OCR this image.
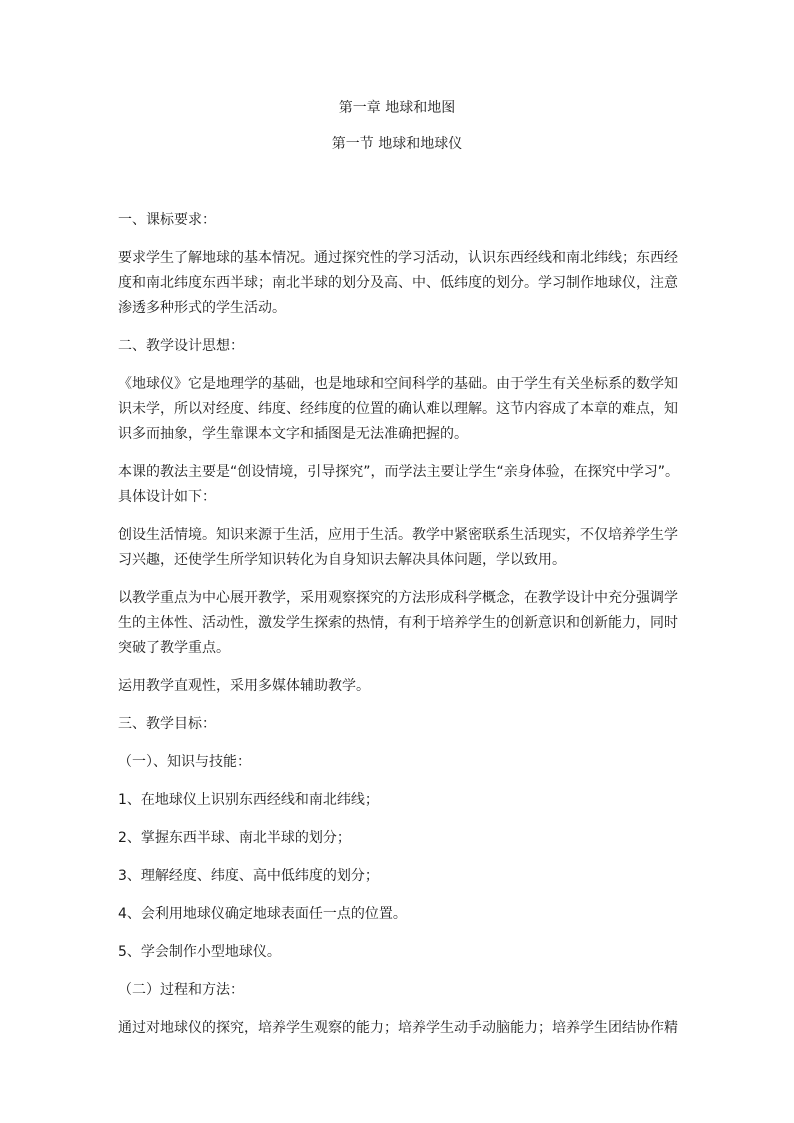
第一章 地球和地图
第一节 地球和地球仪

一、课标要求：

要求学生了解地球的基本情况。通过探究性的学习活动，认识东西经线和南北纬线；东西经度和南北纬度东西半球；南北半球的划分及高、中、低纬度的划分。学习制作地球仪，注意渗透多种形式的学生活动。

二、教学设计思想：

《地球仪》它是地理学的基础，也是地球和空间科学的基础。由于学生有关坐标系的数学知识未学，所以对经度、纬度、经纬度的位置的确认难以理解。这节内容成了本章的难点，知识多而抽象，学生靠课本文字和插图是无法准确把握的。

本课的教法主要是“创设情境，引导探究”，而学法主要让学生“亲身体验，在探究中学习”。具体设计如下：

创设生活情境。知识来源于生活，应用于生活。教学中紧密联系生活现实，不仅培养学生学习兴趣，还使学生所学知识转化为自身知识去解决具体问题，学以致用。

以教学重点为中心展开教学，采用观察探究的方法形成科学概念，在教学设计中充分强调学生的主体性、活动性，激发学生探索的热情，有利于培养学生的创新意识和创新能力，同时突破了教学重点。

运用教学直观性，采用多媒体辅助教学。

三、教学目标：

（一）、知识与技能：

1、在地球仪上识别东西经线和南北纬线；

2、掌握东西半球、南北半球的划分；

3、理解经度、纬度、高中低纬度的划分；

4、会利用地球仪确定地球表面任一点的位置。

5、学会制作小型地球仪。

（二）过程和方法：

通过对地球仪的探究，培养学生观察的能力；培养学生动手动脑能力；培养学生团结协作精
